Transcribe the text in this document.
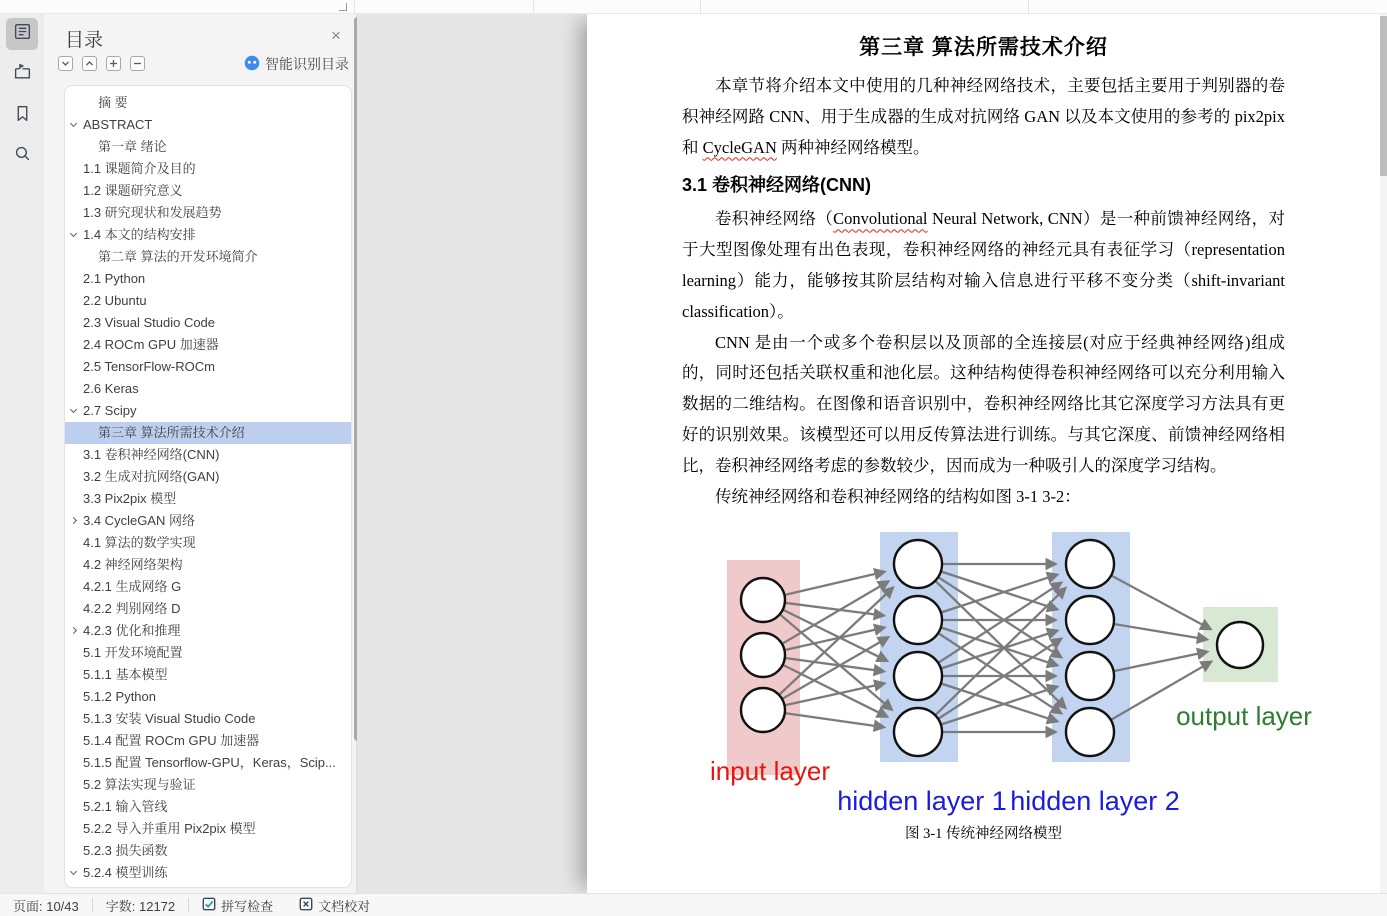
目录	×
智能识别目录
摘 要
ABSTRACT
第一章 绪论
1.1 课题简介及目的
1.2 课题研究意义
1.3 研究现状和发展趋势
1.4 本文的结构安排
第二章 算法的开发环境简介
2.1 Python
2.2 Ubuntu
2.3 Visual Studio Code
2.4 ROCm GPU 加速器
2.5 TensorFlow-ROCm
2.6 Keras
2.7 Scipy
第三章 算法所需技术介绍
3.1 卷积神经网络(CNN)
3.2 生成对抗网络(GAN)
3.3 Pix2pix 模型
3.4 CycleGAN 网络
4.1 算法的数学实现
4.2 神经网络架构
4.2.1 生成网络 G
4.2.2 判别网络 D
4.2.3 优化和推理
5.1 开发环境配置
5.1.1 基本模型
5.1.2 Python
5.1.3 安装 Visual Studio Code
5.1.4 配置 ROCm GPU 加速器
5.1.5 配置 Tensorflow-GPU，Keras，Scip...
5.2 算法实现与验证
5.2.1 输入管线
5.2.2 导入并重用 Pix2pix 模型
5.2.3 损失函数
5.2.4 模型训练
第三章 算法所需技术介绍

本章节将介绍本文中使用的几种神经网络技术，主要包括主要用于判别器的卷积神经网路 CNN、用于生成器的生成对抗网络 GAN 以及本文使用的参考的 pix2pix 和 CycleGAN 两种神经网络模型。

3.1 卷积神经网络(CNN)

卷积神经网络（Convolutional Neural Network, CNN）是一种前馈神经网络，对于大型图像处理有出色表现，卷积神经网络的神经元具有表征学习（representation learning）能力，能够按其阶层结构对输入信息进行平移不变分类（shift-invariant classification）。

CNN 是由一个或多个卷积层以及顶部的全连接层(对应于经典神经网络)组成的，同时还包括关联权重和池化层。这种结构使得卷积神经网络可以充分利用输入数据的二维结构。在图像和语音识别中，卷积神经网络比其它深度学习方法具有更好的识别效果。该模型还可以用反传算法进行训练。与其它深度、前馈神经网络相比，卷积神经网络考虑的参数较少，因而成为一种吸引人的深度学习结构。

传统神经网络和卷积神经网络的结构如图 3-1 3-2：

input layer
hidden layer 1 hidden layer 2
output layer
图 3-1 传统神经网络模型
页面: 10/43 字数: 12172	拼写检查	文档校对
